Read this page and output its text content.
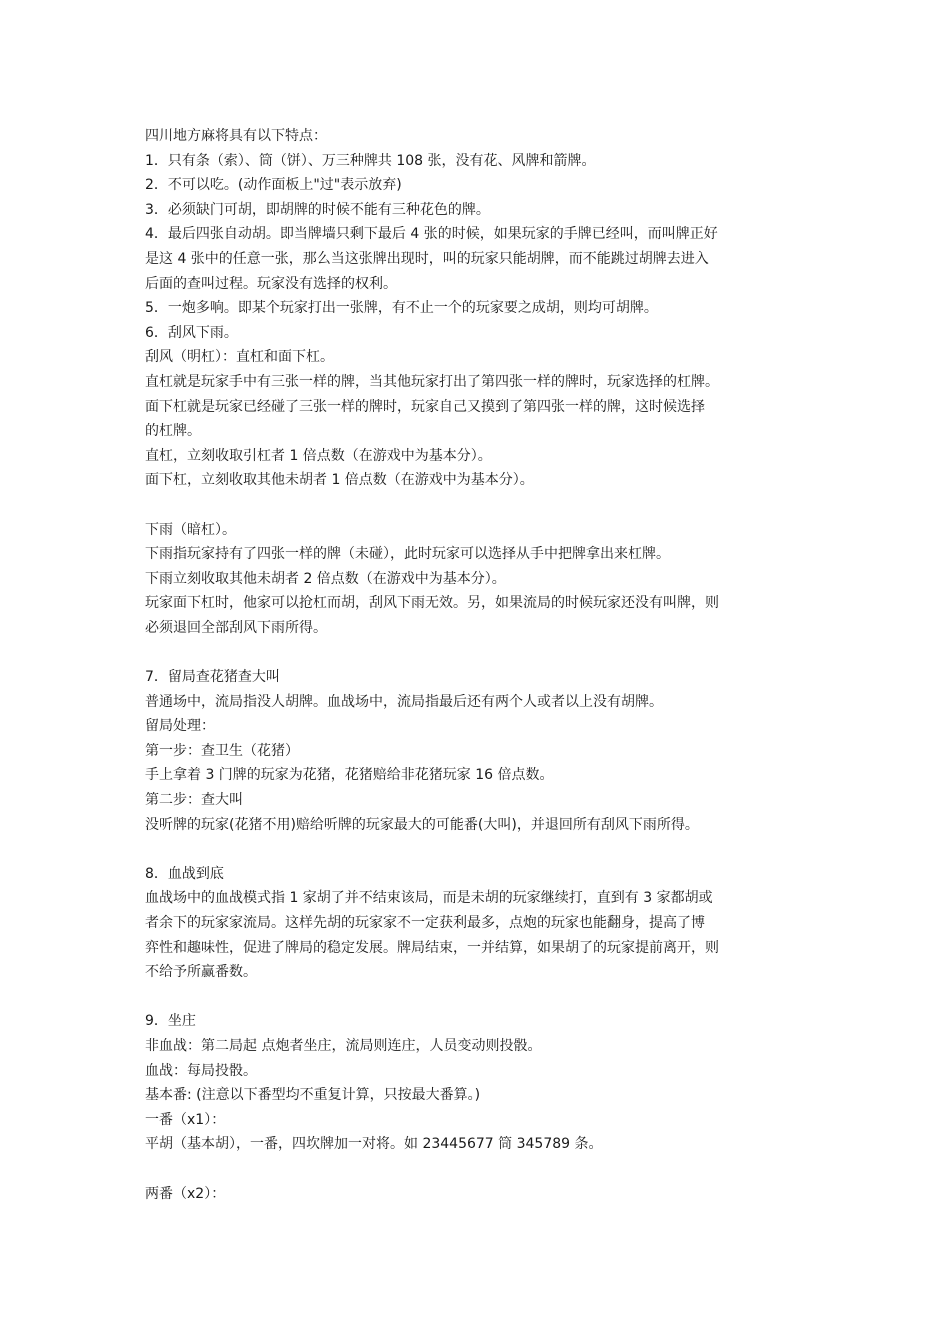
四川地方麻将具有以下特点：
1．只有条（索）、筒（饼）、万三种牌共 108 张，没有花、风牌和箭牌。
2．不可以吃。(动作面板上"过"表示放弃)
3．必须缺门可胡，即胡牌的时候不能有三种花色的牌。
4．最后四张自动胡。即当牌墙只剩下最后 4 张的时候，如果玩家的手牌已经叫，而叫牌正好
是这 4 张中的任意一张，那么当这张牌出现时，叫的玩家只能胡牌，而不能跳过胡牌去进入
后面的查叫过程。玩家没有选择的权利。
5．一炮多响。即某个玩家打出一张牌，有不止一个的玩家要之成胡，则均可胡牌。
6．刮风下雨。
刮风（明杠）：直杠和面下杠。
直杠就是玩家手中有三张一样的牌，当其他玩家打出了第四张一样的牌时，玩家选择的杠牌。
面下杠就是玩家已经碰了三张一样的牌时，玩家自己又摸到了第四张一样的牌，这时候选择
的杠牌。
直杠，立刻收取引杠者 1 倍点数（在游戏中为基本分）。
面下杠，立刻收取其他未胡者 1 倍点数（在游戏中为基本分）。
下雨（暗杠）。
下雨指玩家持有了四张一样的牌（未碰），此时玩家可以选择从手中把牌拿出来杠牌。
下雨立刻收取其他未胡者 2 倍点数（在游戏中为基本分）。
玩家面下杠时，他家可以抢杠而胡，刮风下雨无效。另，如果流局的时候玩家还没有叫牌，则
必须退回全部刮风下雨所得。
7．留局查花猪查大叫
普通场中，流局指没人胡牌。血战场中，流局指最后还有两个人或者以上没有胡牌。
留局处理：
第一步：查卫生（花猪）
手上拿着 3 门牌的玩家为花猪，花猪赔给非花猪玩家 16 倍点数。
第二步：查大叫
没听牌的玩家(花猪不用)赔给听牌的玩家最大的可能番(大叫)，并退回所有刮风下雨所得。
8．血战到底
血战场中的血战模式指 1 家胡了并不结束该局，而是未胡的玩家继续打，直到有 3 家都胡或
者余下的玩家家流局。这样先胡的玩家家不一定获利最多，点炮的玩家也能翻身，提高了博
弈性和趣味性，促进了牌局的稳定发展。牌局结束，一并结算，如果胡了的玩家提前离开，则
不给予所赢番数。
9．坐庄
非血战：第二局起 点炮者坐庄，流局则连庄，人员变动则投骰。
血战：每局投骰。
基本番: (注意以下番型均不重复计算，只按最大番算。)
一番（x1）：
平胡（基本胡），一番，四坎牌加一对将。如 23445677 筒 345789 条。
两番（x2）：
